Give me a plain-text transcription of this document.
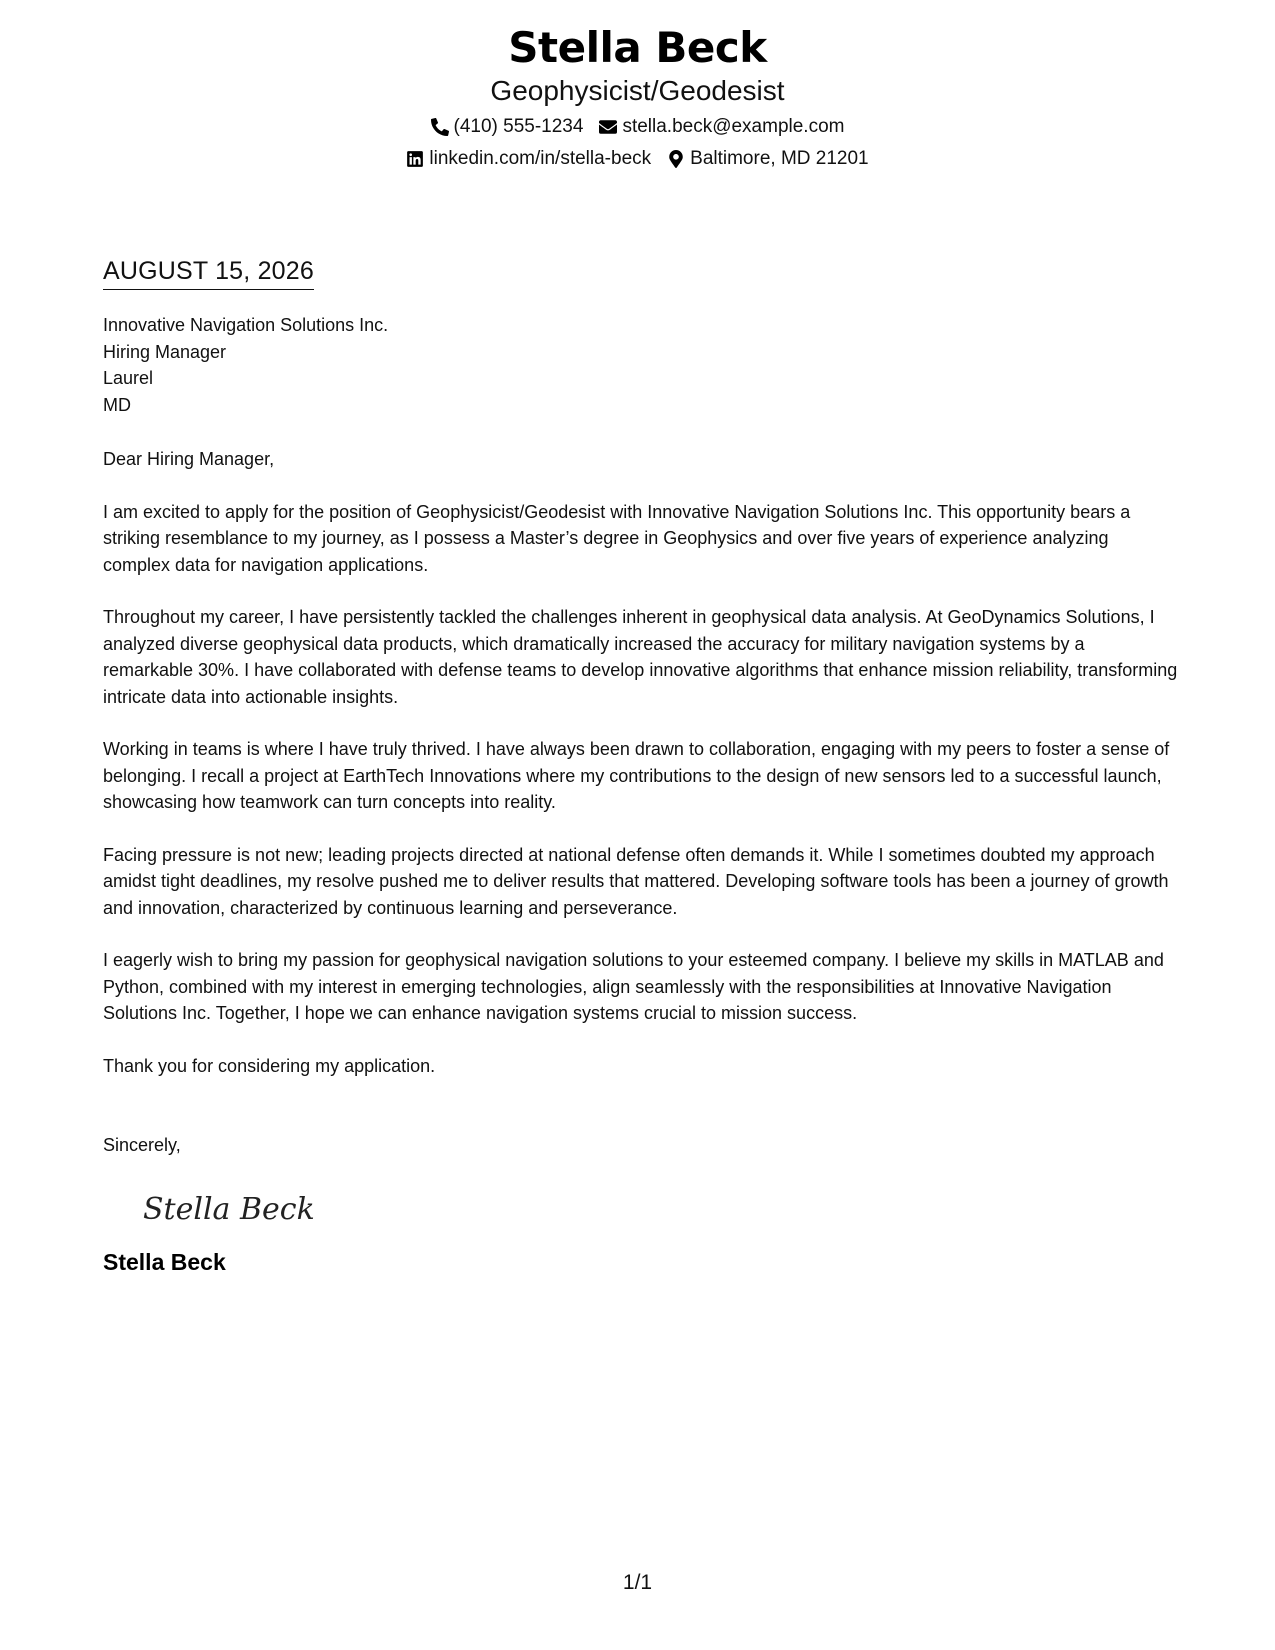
Stella Beck
Geophysicist/Geodesist
(410) 555-1234 stella.beck@example.com
linkedin.com/in/stella-beck Baltimore, MD 21201
AUGUST 15, 2026
Innovative Navigation Solutions Inc.
Hiring Manager
Laurel
MD
Dear Hiring Manager,
I am excited to apply for the position of Geophysicist/Geodesist with Innovative Navigation Solutions Inc. This opportunity bears a striking resemblance to my journey, as I possess a Master’s degree in Geophysics and over five years of experience analyzing complex data for navigation applications.
Throughout my career, I have persistently tackled the challenges inherent in geophysical data analysis. At GeoDynamics Solutions, I analyzed diverse geophysical data products, which dramatically increased the accuracy for military navigation systems by a remarkable 30%. I have collaborated with defense teams to develop innovative algorithms that enhance mission reliability, transforming intricate data into actionable insights.
Working in teams is where I have truly thrived. I have always been drawn to collaboration, engaging with my peers to foster a sense of belonging. I recall a project at EarthTech Innovations where my contributions to the design of new sensors led to a successful launch, showcasing how teamwork can turn concepts into reality.
Facing pressure is not new; leading projects directed at national defense often demands it. While I sometimes doubted my approach amidst tight deadlines, my resolve pushed me to deliver results that mattered. Developing software tools has been a journey of growth and innovation, characterized by continuous learning and perseverance.
I eagerly wish to bring my passion for geophysical navigation solutions to your esteemed company. I believe my skills in MATLAB and Python, combined with my interest in emerging technologies, align seamlessly with the responsibilities at Innovative Navigation Solutions Inc. Together, I hope we can enhance navigation systems crucial to mission success.
Thank you for considering my application.
Sincerely,
Stella Beck
Stella Beck
1/1
